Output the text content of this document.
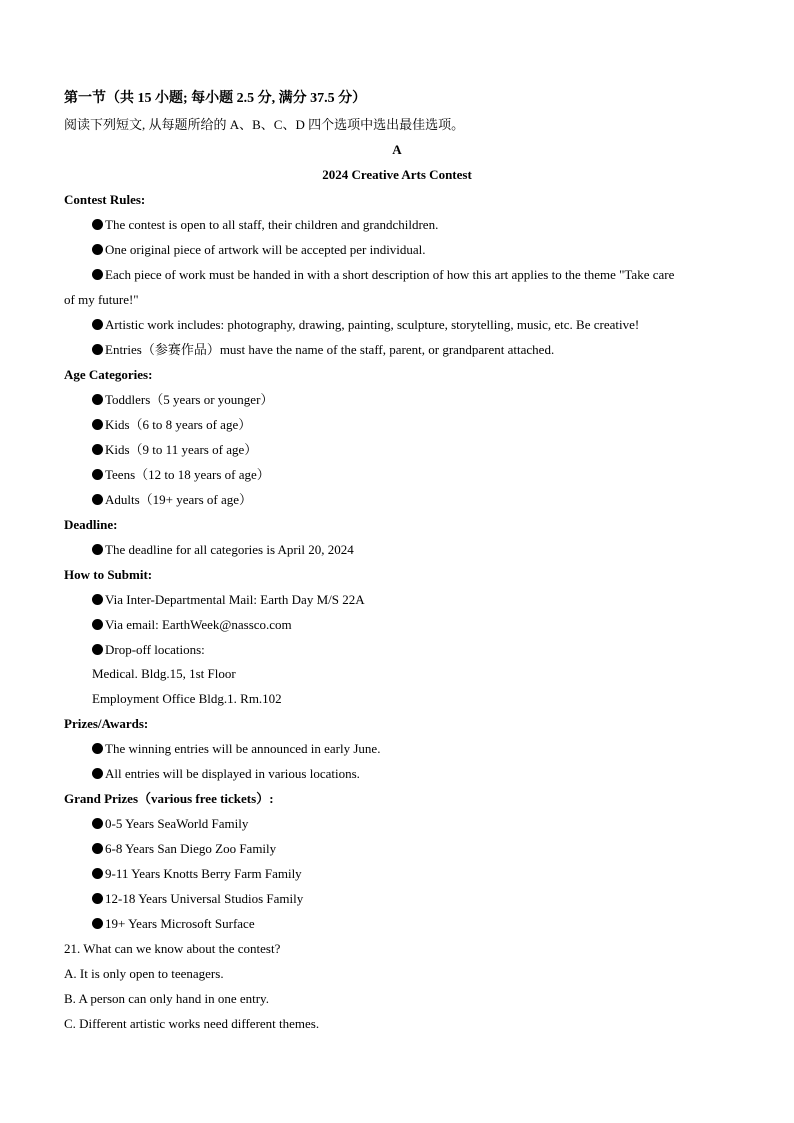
第一节（共 15 小题; 每小题 2.5 分, 满分 37.5 分）
阅读下列短文, 从每题所给的 A、B、C、D 四个选项中选出最佳选项。
A
2024 Creative Arts Contest
Contest Rules:
The contest is open to all staff, their children and grandchildren.
One original piece of artwork will be accepted per individual.
Each piece of work must be handed in with a short description of how this art applies to the theme "Take care
of my future!"
Artistic work includes: photography, drawing, painting, sculpture, storytelling, music, etc. Be creative!
Entries（参赛作品）must have the name of the staff, parent, or grandparent attached.
Age Categories:
Toddlers（5 years or younger）
Kids（6 to 8 years of age）
Kids（9 to 11 years of age）
Teens（12 to 18 years of age）
Adults（19+ years of age）
Deadline:
The deadline for all categories is April 20, 2024
How to Submit:
Via Inter-Departmental Mail: Earth Day M/S 22A
Via email: EarthWeek@nassco.com
Drop-off locations:
Medical. Bldg.15, 1st Floor
Employment Office Bldg.1. Rm.102
Prizes/Awards:
The winning entries will be announced in early June.
All entries will be displayed in various locations.
Grand Prizes（various free tickets）:
0-5 Years SeaWorld Family
6-8 Years San Diego Zoo Family
9-11 Years Knotts Berry Farm Family
12-18 Years Universal Studios Family
19+ Years Microsoft Surface
21. What can we know about the contest?
A. It is only open to teenagers.
B. A person can only hand in one entry.
C. Different artistic works need different themes.
